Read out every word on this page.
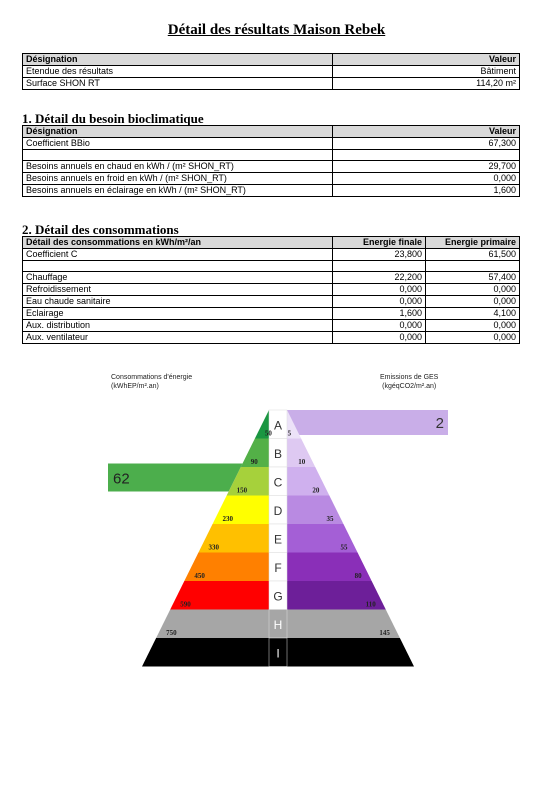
Détail des résultats Maison Rebek
Désignation	Valeur
Etendue des résultats	Bâtiment
Surface SHON RT	114,20 m²
1. Détail du besoin bioclimatique
Désignation	Valeur
Coefficient BBio	67,300

Besoins annuels en chaud en kWh / (m² SHON_RT)	29,700
Besoins annuels en froid en kWh / (m² SHON_RT)	0,000
Besoins annuels en éclairage en kWh / (m² SHON_RT)	1,600
2. Détail des consommations
Détail des consommations en kWh/m²/an	Energie finale	Energie primaire
Coefficient C	23,800	61,500

Chauffage	22,200	57,400
Refroidissement	0,000	0,000
Eau chaude sanitaire	0,000	0,000
Eclairage	1,600	4,100
Aux. distribution	0,000	0,000
Aux. ventilateur	0,000	0,000
Consommations d'énergie
(kWhEP/m².an)
Emissions de GES
(kgéqCO2/m².an)
A
B
C
D
E
F
G
H
I
50 5
90	10
150	20
230	35
330	55
450	80
590	110
750	145
62
2
